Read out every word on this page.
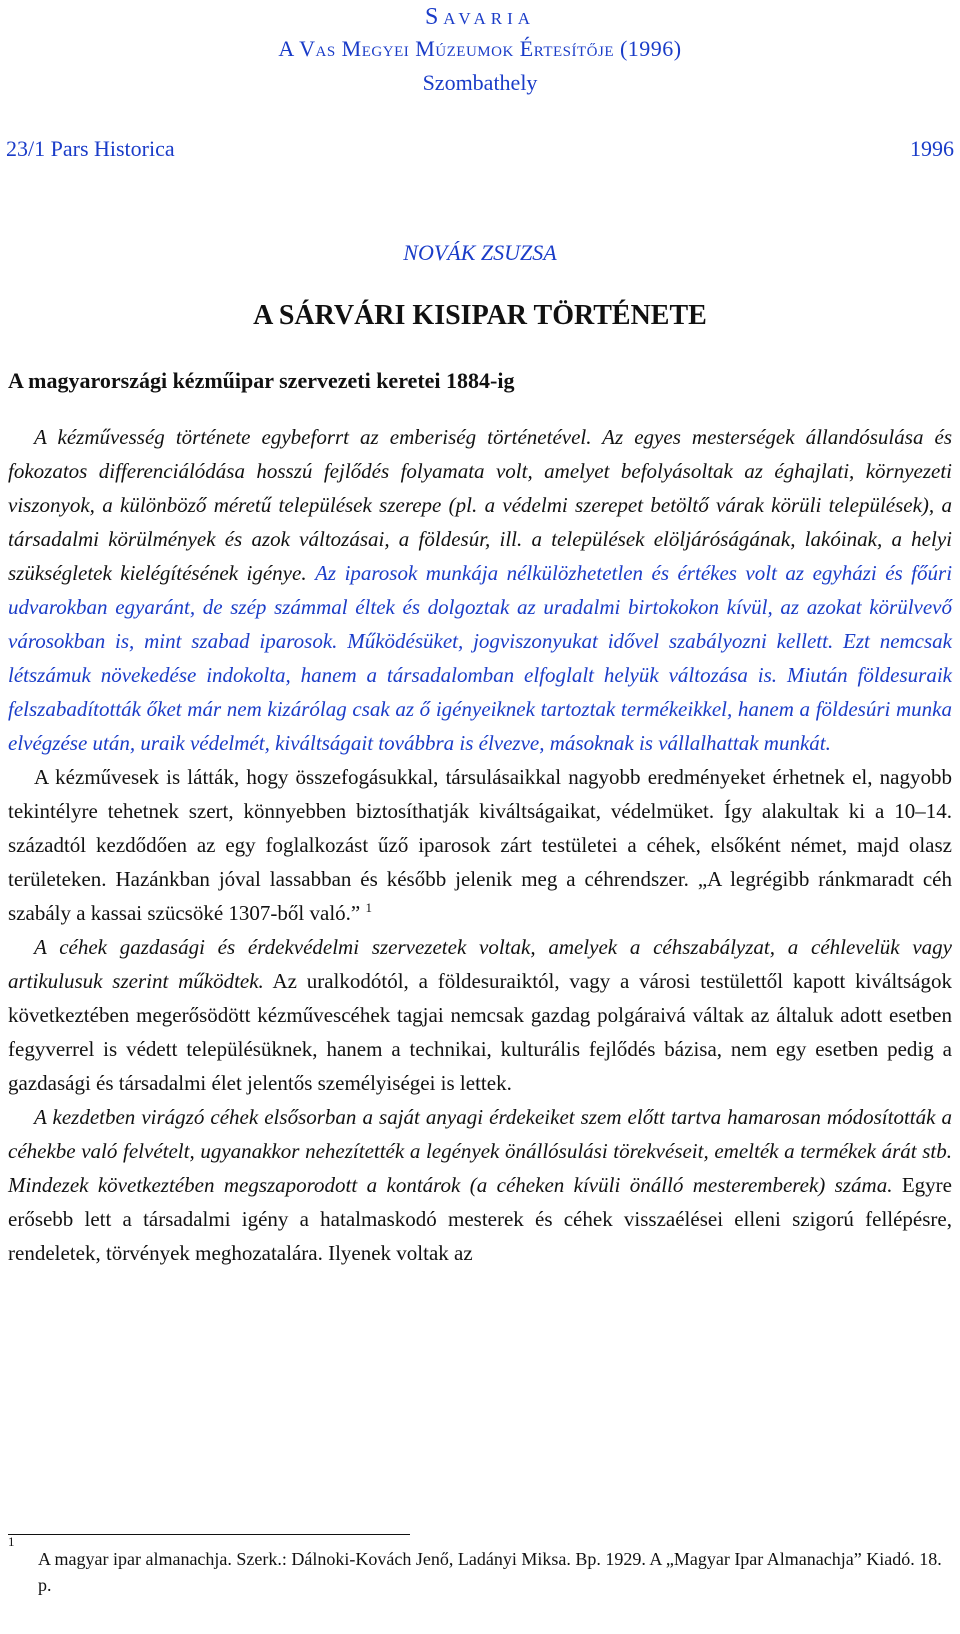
Savaria
A Vas Megyei Múzeumok Értesítője (1996)
Szombathely
23/1 Pars Historica	1996
NOVÁK ZSUZSA
A SÁRVÁRI KISIPAR TÖRTÉNETE
A magyarországi kézműipar szervezeti keretei 1884-ig

A kézművesség története egybeforrt az emberiség történetével. Az egyes mesterségek állandósulása és fokozatos differenciálódása hosszú fejlődés folyamata volt, amelyet befolyásoltak az éghajlati, környezeti viszonyok, a különböző méretű települések szerepe (pl. a védelmi szerepet betöltő várak körüli települések), a társadalmi körülmények és azok változásai, a földesúr, ill. a települések elöljáróságának, lakóinak, a helyi szükségletek kielégítésének igénye. Az iparosok munkája nélkülözhetetlen és értékes volt az egyházi és főúri udvarokban egyaránt, de szép számmal éltek és dolgoztak az uradalmi birtokokon kívül, az azokat körülvevő városokban is, mint szabad iparosok. Működésüket, jogviszonyukat idővel szabályozni kellett. Ezt nemcsak létszámuk növekedése indokolta, hanem a társadalomban elfoglalt helyük változása is. Miután földesuraik felszabadították őket már nem kizárólag csak az ő igényeiknek tartoztak termékeikkel, hanem a földesúri munka elvégzése után, uraik védelmét, kiváltságait továbbra is élvezve, másoknak is vállalhattak munkát.

A kézművesek is látták, hogy összefogásukkal, társulásaikkal nagyobb eredményeket érhetnek el, nagyobb tekintélyre tehetnek szert, könnyebben biztosíthatják kiváltságaikat, védelmüket. Így alakultak ki a 10–14. századtól kezdődően az egy foglalkozást űző iparosok zárt testületei a céhek, elsőként német, majd olasz területeken. Hazánkban jóval lassabban és később jelenik meg a céhrendszer. „A legrégibb ránkmaradt céh szabály a kassai szücsöké 1307-ből való.” $^1$

A céhek gazdasági és érdekvédelmi szervezetek voltak, amelyek a céhszabályzat, a céhlevelük vagy artikulusuk szerint működtek. Az uralkodótól, a földesuraiktól, vagy a városi testülettől kapott kiváltságok következtében megerősödött kézművescéhek tagjai nemcsak gazdag polgáraivá váltak az általuk adott esetben fegyverrel is védett településüknek, hanem a technikai, kulturális fejlődés bázisa, nem egy esetben pedig a gazdasági és társadalmi élet jelentős személyiségei is lettek.

A kezdetben virágzó céhek elsősorban a saját anyagi érdekeiket szem előtt tartva hamarosan módosították a céhekbe való felvételt, ugyanakkor nehezítették a legények önállósulási törekvéseit, emelték a termékek árát stb. Mindezek következtében megszaporodott a kontárok (a céheken kívüli önálló mesteremberek) száma. Egyre erősebb lett a társadalmi igény a hatalmaskodó mesterek és céhek visszaélései elleni szigorú fellépésre, rendeletek, törvények meghozatalára. Ilyenek voltak az

1
A magyar ipar almanachja. Szerk.: Dálnoki-Kovách Jenő, Ladányi Miksa. Bp. 1929. A „Magyar Ipar Almanachja” Kiadó. 18. p.
